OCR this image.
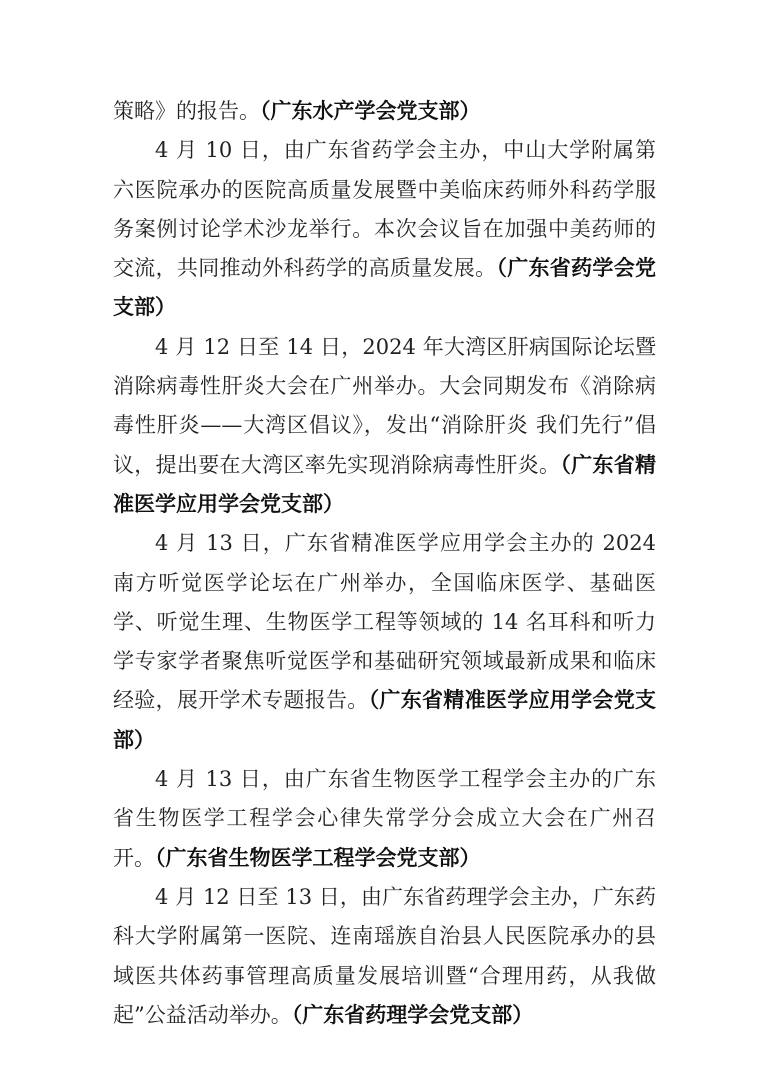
策略》的报告。（广东水产学会党支部）

4 月 10 日，由广东省药学会主办，中山大学附属第六医院承办的医院高质量发展暨中美临床药师外科药学服务案例讨论学术沙龙举行。本次会议旨在加强中美药师的交流，共同推动外科药学的高质量发展。（广东省药学会党支部）

4 月 12 日至 14 日，2024 年大湾区肝病国际论坛暨消除病毒性肝炎大会在广州举办。大会同期发布《消除病毒性肝炎——大湾区倡议》，发出“消除肝炎 我们先行”倡议，提出要在大湾区率先实现消除病毒性肝炎。（广东省精准医学应用学会党支部）

4 月 13 日，广东省精准医学应用学会主办的 2024 南方听觉医学论坛在广州举办，全国临床医学、基础医学、听觉生理、生物医学工程等领域的 14 名耳科和听力学专家学者聚焦听觉医学和基础研究领域最新成果和临床经验，展开学术专题报告。（广东省精准医学应用学会党支部）

4 月 13 日，由广东省生物医学工程学会主办的广东省生物医学工程学会心律失常学分会成立大会在广州召开。（广东省生物医学工程学会党支部）

4 月 12 日至 13 日，由广东省药理学会主办，广东药科大学附属第一医院、连南瑶族自治县人民医院承办的县域医共体药事管理高质量发展培训暨“合理用药，从我做起”公益活动举办。（广东省药理学会党支部）
